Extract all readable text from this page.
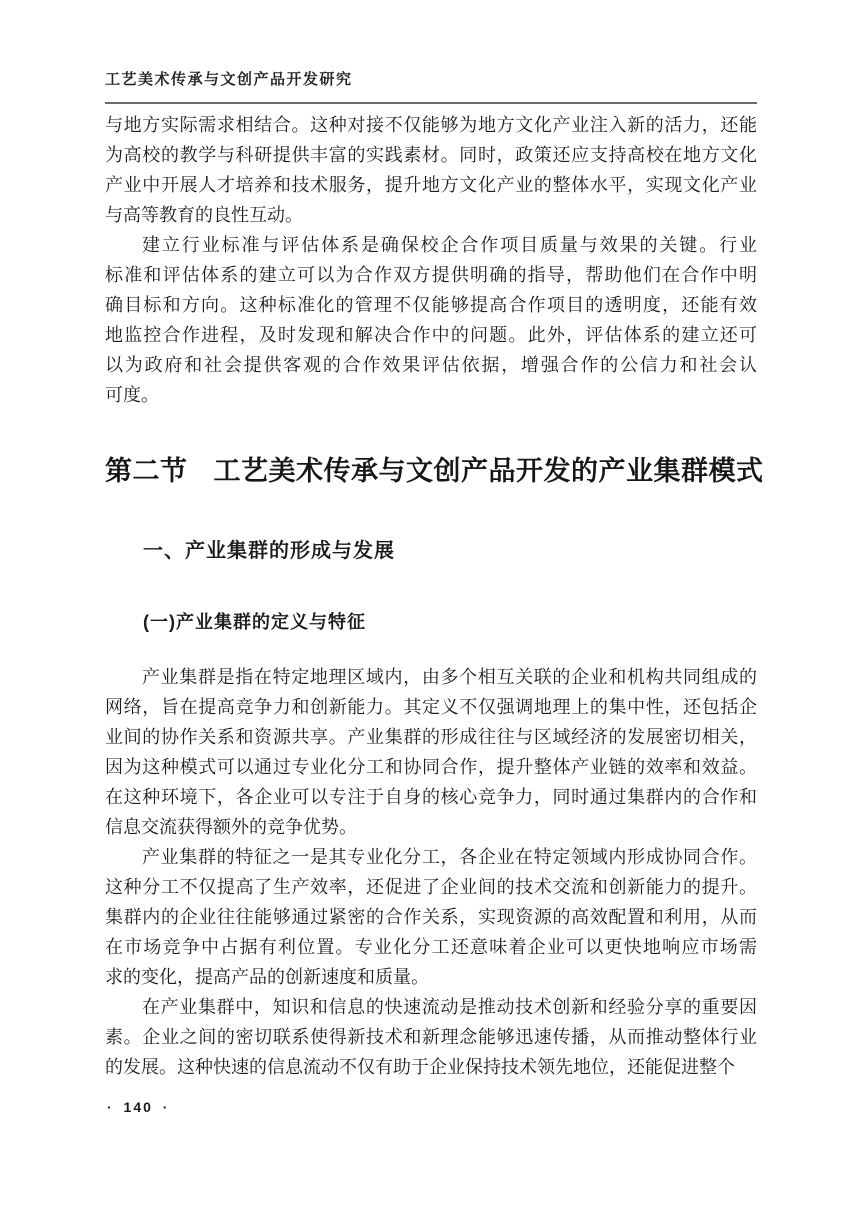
工艺美术传承与文创产品开发研究

与地方实际需求相结合。这种对接不仅能够为地方文化产业注入新的活力，还能
为高校的教学与科研提供丰富的实践素材。同时，政策还应支持高校在地方文化
产业中开展人才培养和技术服务，提升地方文化产业的整体水平，实现文化产业
与高等教育的良性互动。

建立行业标准与评估体系是确保校企合作项目质量与效果的关键。行业
标准和评估体系的建立可以为合作双方提供明确的指导，帮助他们在合作中明
确目标和方向。这种标准化的管理不仅能够提高合作项目的透明度，还能有效
地监控合作进程，及时发现和解决合作中的问题。此外，评估体系的建立还可
以为政府和社会提供客观的合作效果评估依据，增强合作的公信力和社会认
可度。

第二节 工艺美术传承与文创产品开发的产业集群模式
一、产业集群的形成与发展
(一)产业集群的定义与特征

产业集群是指在特定地理区域内，由多个相互关联的企业和机构共同组成的
网络，旨在提高竞争力和创新能力。其定义不仅强调地理上的集中性，还包括企
业间的协作关系和资源共享。产业集群的形成往往与区域经济的发展密切相关，
因为这种模式可以通过专业化分工和协同合作，提升整体产业链的效率和效益。
在这种环境下，各企业可以专注于自身的核心竞争力，同时通过集群内的合作和
信息交流获得额外的竞争优势。

产业集群的特征之一是其专业化分工，各企业在特定领域内形成协同合作。
这种分工不仅提高了生产效率，还促进了企业间的技术交流和创新能力的提升。
集群内的企业往往能够通过紧密的合作关系，实现资源的高效配置和利用，从而
在市场竞争中占据有利位置。专业化分工还意味着企业可以更快地响应市场需
求的变化，提高产品的创新速度和质量。

在产业集群中，知识和信息的快速流动是推动技术创新和经验分享的重要因
素。企业之间的密切联系使得新技术和新理念能够迅速传播，从而推动整体行业
的发展。这种快速的信息流动不仅有助于企业保持技术领先地位，还能促进整个

· 140 ·
